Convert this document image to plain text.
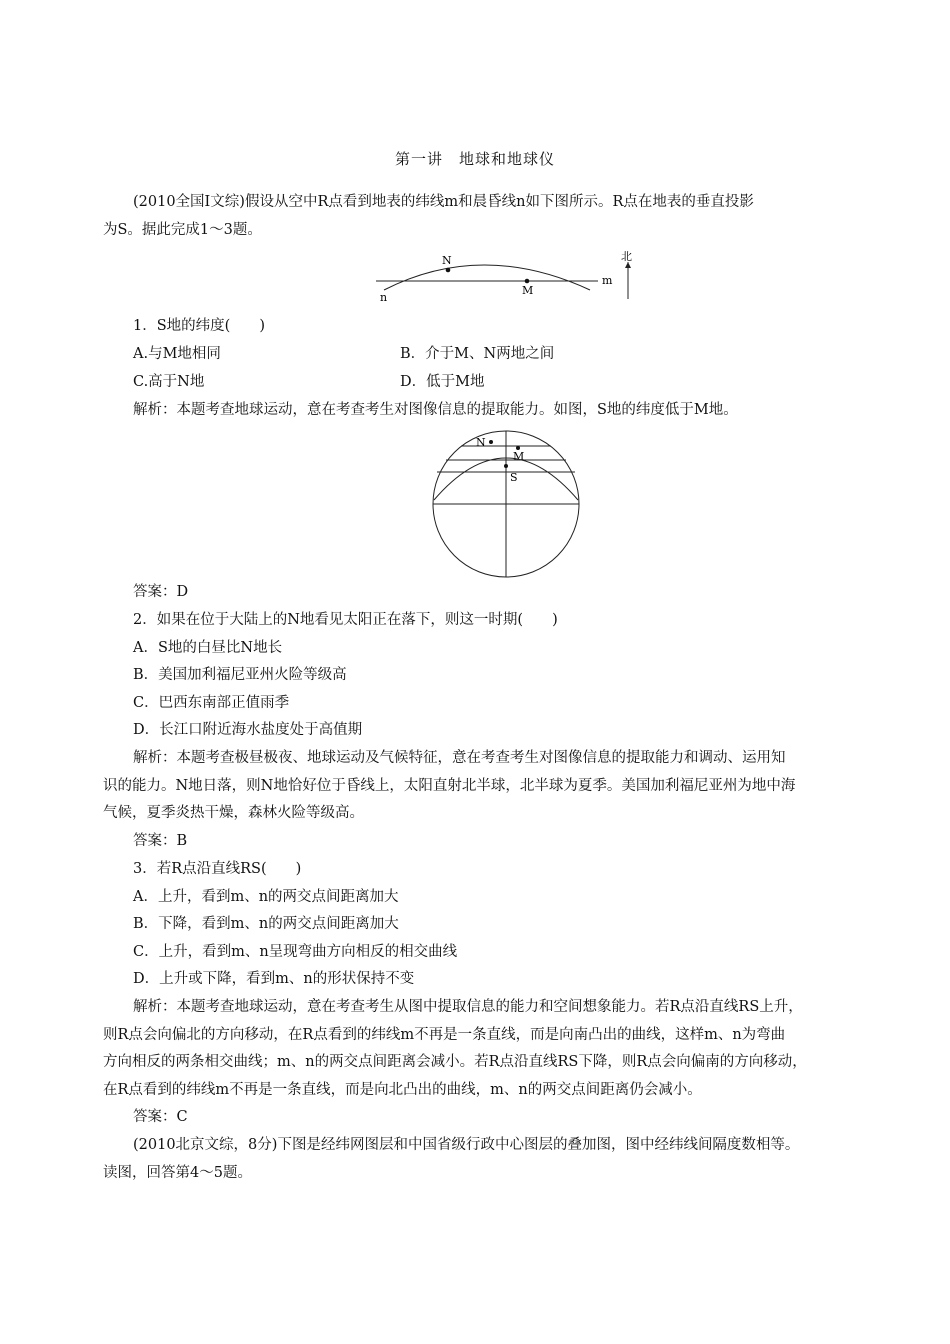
第一讲　地球和地球仪
(2010全国Ⅰ文综)假设从空中R点看到地表的纬线m和晨昏线n如下图所示。R点在地表的垂直投影
为S。据此完成1～3题。
N
M
n
m
北
1．S地的纬度(　　)
A.与M地相同	B．介于M、N两地之间
C.高于N地	D．低于M地
解析：本题考查地球运动，意在考查考生对图像信息的提取能力。如图，S地的纬度低于M地。
N
M
S
答案：D
2．如果在位于大陆上的N地看见太阳正在落下，则这一时期(　　)
A．S地的白昼比N地长
B．美国加利福尼亚州火险等级高
C．巴西东南部正值雨季
D．长江口附近海水盐度处于高值期
解析：本题考查极昼极夜、地球运动及气候特征，意在考查考生对图像信息的提取能力和调动、运用知
识的能力。N地日落，则N地恰好位于昏线上，太阳直射北半球，北半球为夏季。美国加利福尼亚州为地中海
气候，夏季炎热干燥，森林火险等级高。
答案：B
3．若R点沿直线RS(　　)
A．上升，看到m、n的两交点间距离加大
B．下降，看到m、n的两交点间距离加大
C．上升，看到m、n呈现弯曲方向相反的相交曲线
D．上升或下降，看到m、n的形状保持不变
解析：本题考查地球运动，意在考查考生从图中提取信息的能力和空间想象能力。若R点沿直线RS上升，
则R点会向偏北的方向移动，在R点看到的纬线m不再是一条直线，而是向南凸出的曲线，这样m、n为弯曲
方向相反的两条相交曲线；m、n的两交点间距离会减小。若R点沿直线RS下降，则R点会向偏南的方向移动，
在R点看到的纬线m不再是一条直线，而是向北凸出的曲线，m、n的两交点间距离仍会减小。
答案：C
(2010北京文综，8分)下图是经纬网图层和中国省级行政中心图层的叠加图，图中经纬线间隔度数相等。
读图，回答第4～5题。
